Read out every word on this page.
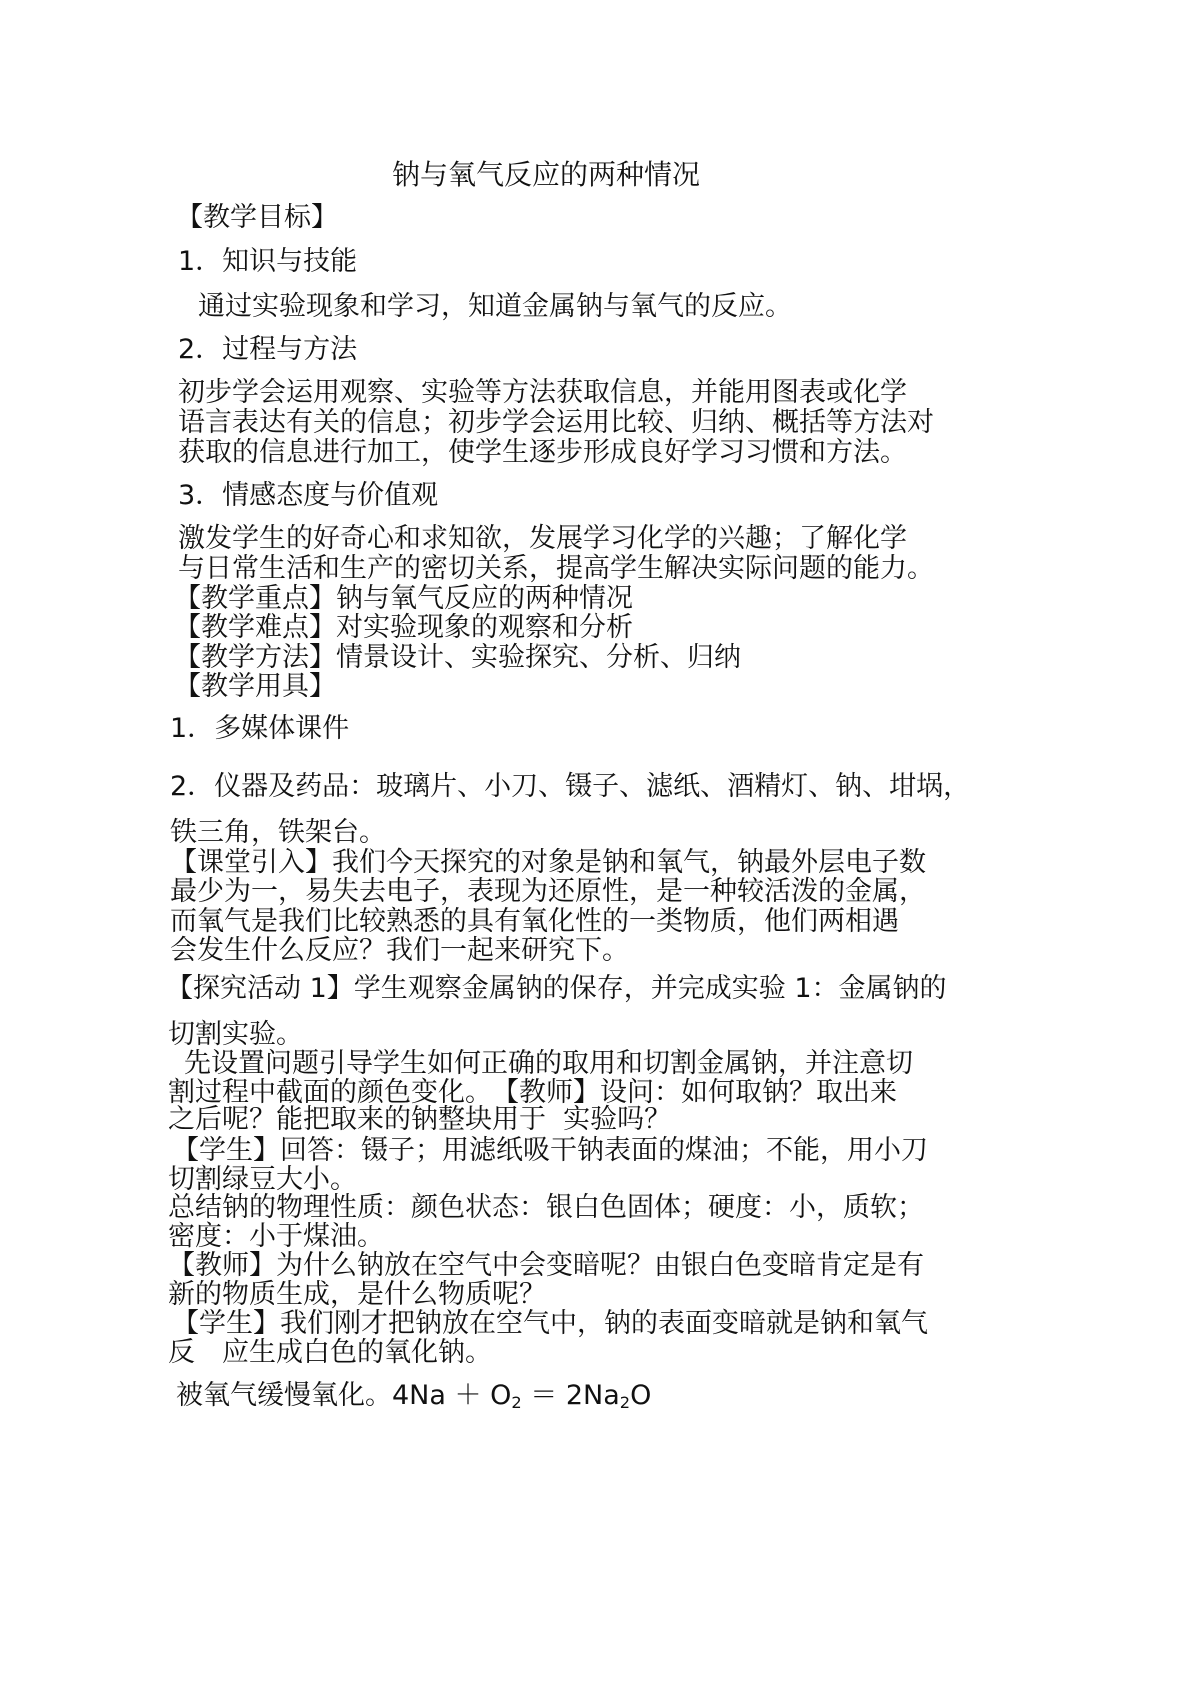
钠与氧气反应的两种情况

【教学目标】

1．知识与技能

通过实验现象和学习，知道金属钠与氧气的反应。

2．过程与方法

初步学会运用观察、实验等方法获取信息，并能用图表或化学

语言表达有关的信息；初步学会运用比较、归纳、概括等方法对

获取的信息进行加工，使学生逐步形成良好学习习惯和方法。

3．情感态度与价值观

激发学生的好奇心和求知欲，发展学习化学的兴趣；了解化学

与日常生活和生产的密切关系，提高学生解决实际问题的能力。

【教学重点】钠与氧气反应的两种情况

【教学难点】对实验现象的观察和分析

【教学方法】情景设计、实验探究、分析、归纳

【教学用具】

1．多媒体课件

2．仪器及药品：玻璃片、小刀、镊子、滤纸、酒精灯、钠、坩埚，

铁三角，铁架台。

【课堂引入】我们今天探究的对象是钠和氧气，钠最外层电子数

最少为一，易失去电子，表现为还原性，是一种较活泼的金属，

而氧气是我们比较熟悉的具有氧化性的一类物质，他们两相遇

会发生什么反应？我们一起来研究下。

【探究活动 1】学生观察金属钠的保存，并完成实验 1：金属钠的

切割实验。

先设置问题引导学生如何正确的取用和切割金属钠，并注意切

割过程中截面的颜色变化。　【教师】设问：如何取钠？取出来

之后呢？能把取来的钠整块用于  实验吗？

【学生】回答：镊子；用滤纸吸干钠表面的煤油；不能，用小刀

切割绿豆大小。

总结钠的物理性质：颜色状态：银白色固体；硬度：小，质软；

密度：小于煤油。

【教师】为什么钠放在空气中会变暗呢？由银白色变暗肯定是有

新的物质生成，是什么物质呢？

【学生】我们刚才把钠放在空气中，钠的表面变暗就是钠和氧气

反　应生成白色的氧化钠。

被氧气缓慢氧化。$4Na + O_2 = 2Na_2O$
